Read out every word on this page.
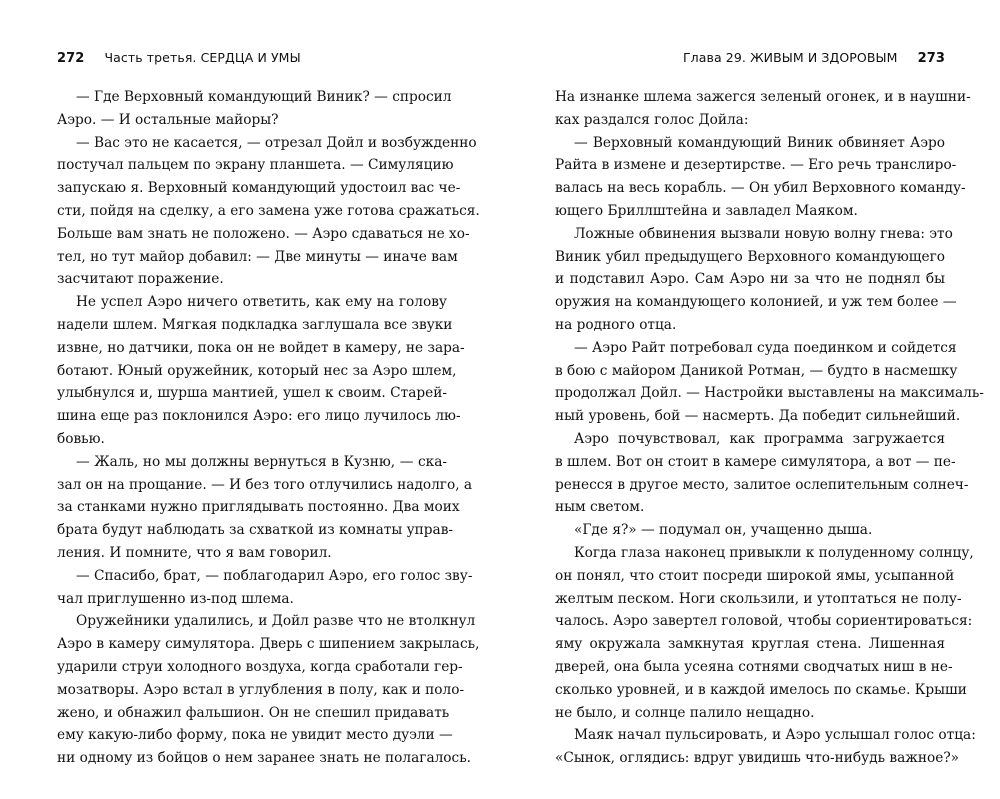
272 Часть третья. СЕРДЦА И УМЫ
— Где Верховный командующий Виник? — спросил
Аэро. — И остальные майоры?
— Вас это не касается, — отрезал Дойл и возбужденно
постучал пальцем по экрану планшета. — Симуляцию
запускаю я. Верховный командующий удостоил вас че-
сти, пойдя на сделку, а его замена уже готова сражаться.
Больше вам знать не положено. — Аэро сдаваться не хо-
тел, но тут майор добавил: — Две минуты — иначе вам
засчитают поражение.
Не успел Аэро ничего ответить, как ему на голову
надели шлем. Мягкая подкладка заглушала все звуки
извне, но датчики, пока он не войдет в камеру, не зара-
ботают. Юный оружейник, который нес за Аэро шлем,
улыбнулся и, шурша мантией, ушел к своим. Старей-
шина еще раз поклонился Аэро: его лицо лучилось лю-
бовью.
— Жаль, но мы должны вернуться в Кузню, — ска-
зал он на прощание. — И без того отлучились надолго, а
за станками нужно приглядывать постоянно. Два моих
брата будут наблюдать за схваткой из комнаты управ-
ления. И помните, что я вам говорил.
— Спасибо, брат, — поблагодарил Аэро, его голос зву-
чал приглушенно из-под шлема.
Оружейники удалились, и Дойл разве что не втолкнул
Аэро в камеру симулятора. Дверь с шипением закрылась,
ударили струи холодного воздуха, когда сработали гер-
мозатворы. Аэро встал в углубления в полу, как и поло-
жено, и обнажил фальшион. Он не спешил придавать
ему какую-либо форму, пока не увидит место дуэли —
ни одному из бойцов о нем заранее знать не полагалось.
Глава 29. ЖИВЫМ И ЗДОРОВЫМ 273
На изнанке шлема зажегся зеленый огонек, и в наушни-
ках раздался голос Дойла:
— Верховный командующий Виник обвиняет Аэро
Райта в измене и дезертирстве. — Его речь транслиро-
валась на весь корабль. — Он убил Верховного команду-
ющего Бриллштейна и завладел Маяком.
Ложные обвинения вызвали новую волну гнева: это
Виник убил предыдущего Верховного командующего
и подставил Аэро. Сам Аэро ни за что не поднял бы
оружия на командующего колонией, и уж тем более —
на родного отца.
— Аэро Райт потребовал суда поединком и сойдется
в бою с майором Даникой Ротман, — будто в насмешку
продолжал Дойл. — Настройки выставлены на максималь-
ный уровень, бой — насмерть. Да победит сильнейший.
Аэро почувствовал, как программа загружается
в шлем. Вот он стоит в камере симулятора, а вот — пе-
ренесся в другое место, залитое ослепительным солнеч-
ным светом.
«Где я?» — подумал он, учащенно дыша.
Когда глаза наконец привыкли к полуденному солнцу,
он понял, что стоит посреди широкой ямы, усыпанной
желтым песком. Ноги скользили, и утоптаться не полу-
чалось. Аэро завертел головой, чтобы сориентироваться:
яму окружала замкнутая круглая стена. Лишенная
дверей, она была усеяна сотнями сводчатых ниш в не-
сколько уровней, и в каждой имелось по скамье. Крыши
не было, и солнце палило нещадно.
Маяк начал пульсировать, и Аэро услышал голос отца:
«Сынок, оглядись: вдруг увидишь что-нибудь важное?»
